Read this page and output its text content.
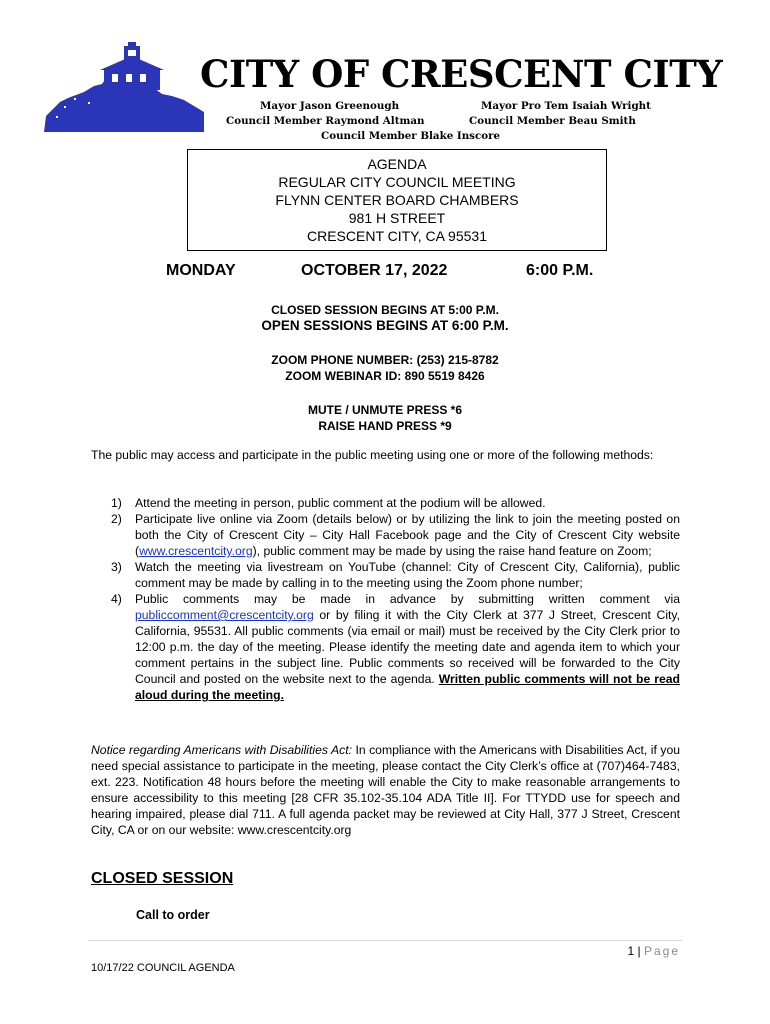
CITY OF CRESCENT CITY
Mayor Jason Greenough	Mayor Pro Tem Isaiah Wright
Council Member Raymond Altman	Council Member Beau Smith
Council Member Blake Inscore
AGENDA
REGULAR CITY COUNCIL MEETING
FLYNN CENTER BOARD CHAMBERS
981 H STREET
CRESCENT CITY, CA 95531
MONDAY	OCTOBER 17, 2022	6:00 P.M.
CLOSED SESSION BEGINS AT 5:00 P.M.
OPEN SESSIONS BEGINS AT 6:00 P.M.
ZOOM PHONE NUMBER: (253) 215-8782
ZOOM WEBINAR ID: 890 5519 8426
MUTE / UNMUTE PRESS *6
RAISE HAND PRESS *9
The public may access and participate in the public meeting using one or more of the following methods:
1) Attend the meeting in person, public comment at the podium will be allowed.
2) Participate live online via Zoom (details below) or by utilizing the link to join the meeting posted on both the City of Crescent City – City Hall Facebook page and the City of Crescent City website (www.crescentcity.org), public comment may be made by using the raise hand feature on Zoom;
3) Watch the meeting via livestream on YouTube (channel: City of Crescent City, California), public comment may be made by calling in to the meeting using the Zoom phone number;
4) Public comments may be made in advance by submitting written comment via publiccomment@crescentcity.org or by filing it with the City Clerk at 377 J Street, Crescent City, California, 95531. All public comments (via email or mail) must be received by the City Clerk prior to 12:00 p.m. the day of the meeting. Please identify the meeting date and agenda item to which your comment pertains in the subject line. Public comments so received will be forwarded to the City Council and posted on the website next to the agenda. Written public comments will not be read aloud during the meeting.
Notice regarding Americans with Disabilities Act: In compliance with the Americans with Disabilities Act, if you need special assistance to participate in the meeting, please contact the City Clerk’s office at (707)464-7483, ext. 223. Notification 48 hours before the meeting will enable the City to make reasonable arrangements to ensure accessibility to this meeting [28 CFR 35.102-35.104 ADA Title II]. For TTYDD use for speech and hearing impaired, please dial 711. A full agenda packet may be reviewed at City Hall, 377 J Street, Crescent City, CA or on our website: www.crescentcity.org
CLOSED SESSION
Call to order
1 | Page
10/17/22 COUNCIL AGENDA
